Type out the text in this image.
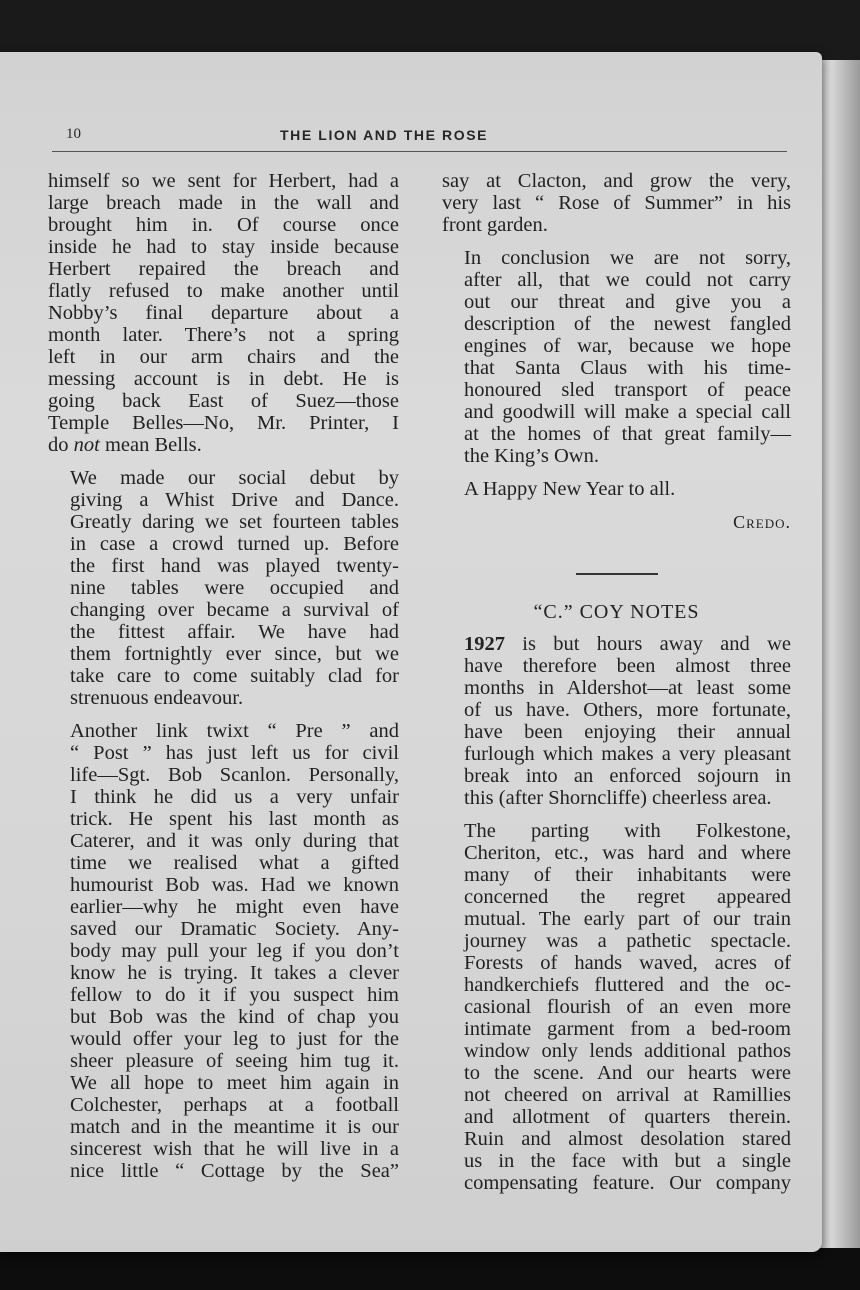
10	THE LION AND THE ROSE

himself so we sent for Herbert, had a
large breach made in the wall and
brought him in. Of course once
inside he had to stay inside because
Herbert repaired the breach and
flatly refused to make another until
Nobby’s final departure about a
month later. There’s not a spring
left in our arm chairs and the
messing account is in debt. He is
going back East of Suez—those
Temple Belles—No, Mr. Printer, I
do not mean Bells.

We made our social debut by
giving a Whist Drive and Dance.
Greatly daring we set fourteen tables
in case a crowd turned up. Before
the first hand was played twenty-
nine tables were occupied and
changing over became a survival of
the fittest affair. We have had
them fortnightly ever since, but we
take care to come suitably clad for
strenuous endeavour.

Another link twixt “ Pre ” and
“ Post ” has just left us for civil
life—Sgt. Bob Scanlon. Personally,
I think he did us a very unfair
trick. He spent his last month as
Caterer, and it was only during that
time we realised what a gifted
humourist Bob was. Had we known
earlier—why he might even have
saved our Dramatic Society. Any-
body may pull your leg if you don’t
know he is trying. It takes a clever
fellow to do it if you suspect him
but Bob was the kind of chap you
would offer your leg to just for the
sheer pleasure of seeing him tug it.
We all hope to meet him again in
Colchester, perhaps at a football
match and in the meantime it is our
sincerest wish that he will live in a
nice little “ Cottage by the Sea”

say at Clacton, and grow the very,
very last “ Rose of Summer” in his
front garden.

In conclusion we are not sorry,
after all, that we could not carry
out our threat and give you a
description of the newest fangled
engines of war, because we hope
that Santa Claus with his time-
honoured sled transport of peace
and goodwill will make a special call
at the homes of that great family—
the King’s Own.

A Happy New Year to all.

Credo.
“C.” COY NOTES

1927 is but hours away and we
have therefore been almost three
months in Aldershot—at least some
of us have. Others, more fortunate,
have been enjoying their annual
furlough which makes a very pleasant
break into an enforced sojourn in
this (after Shorncliffe) cheerless area.

The parting with Folkestone,
Cheriton, etc., was hard and where
many of their inhabitants were
concerned the regret appeared
mutual. The early part of our train
journey was a pathetic spectacle.
Forests of hands waved, acres of
handkerchiefs fluttered and the oc-
casional flourish of an even more
intimate garment from a bed-room
window only lends additional pathos
to the scene. And our hearts were
not cheered on arrival at Ramillies
and allotment of quarters therein.
Ruin and almost desolation stared
us in the face with but a single
compensating feature. Our company
